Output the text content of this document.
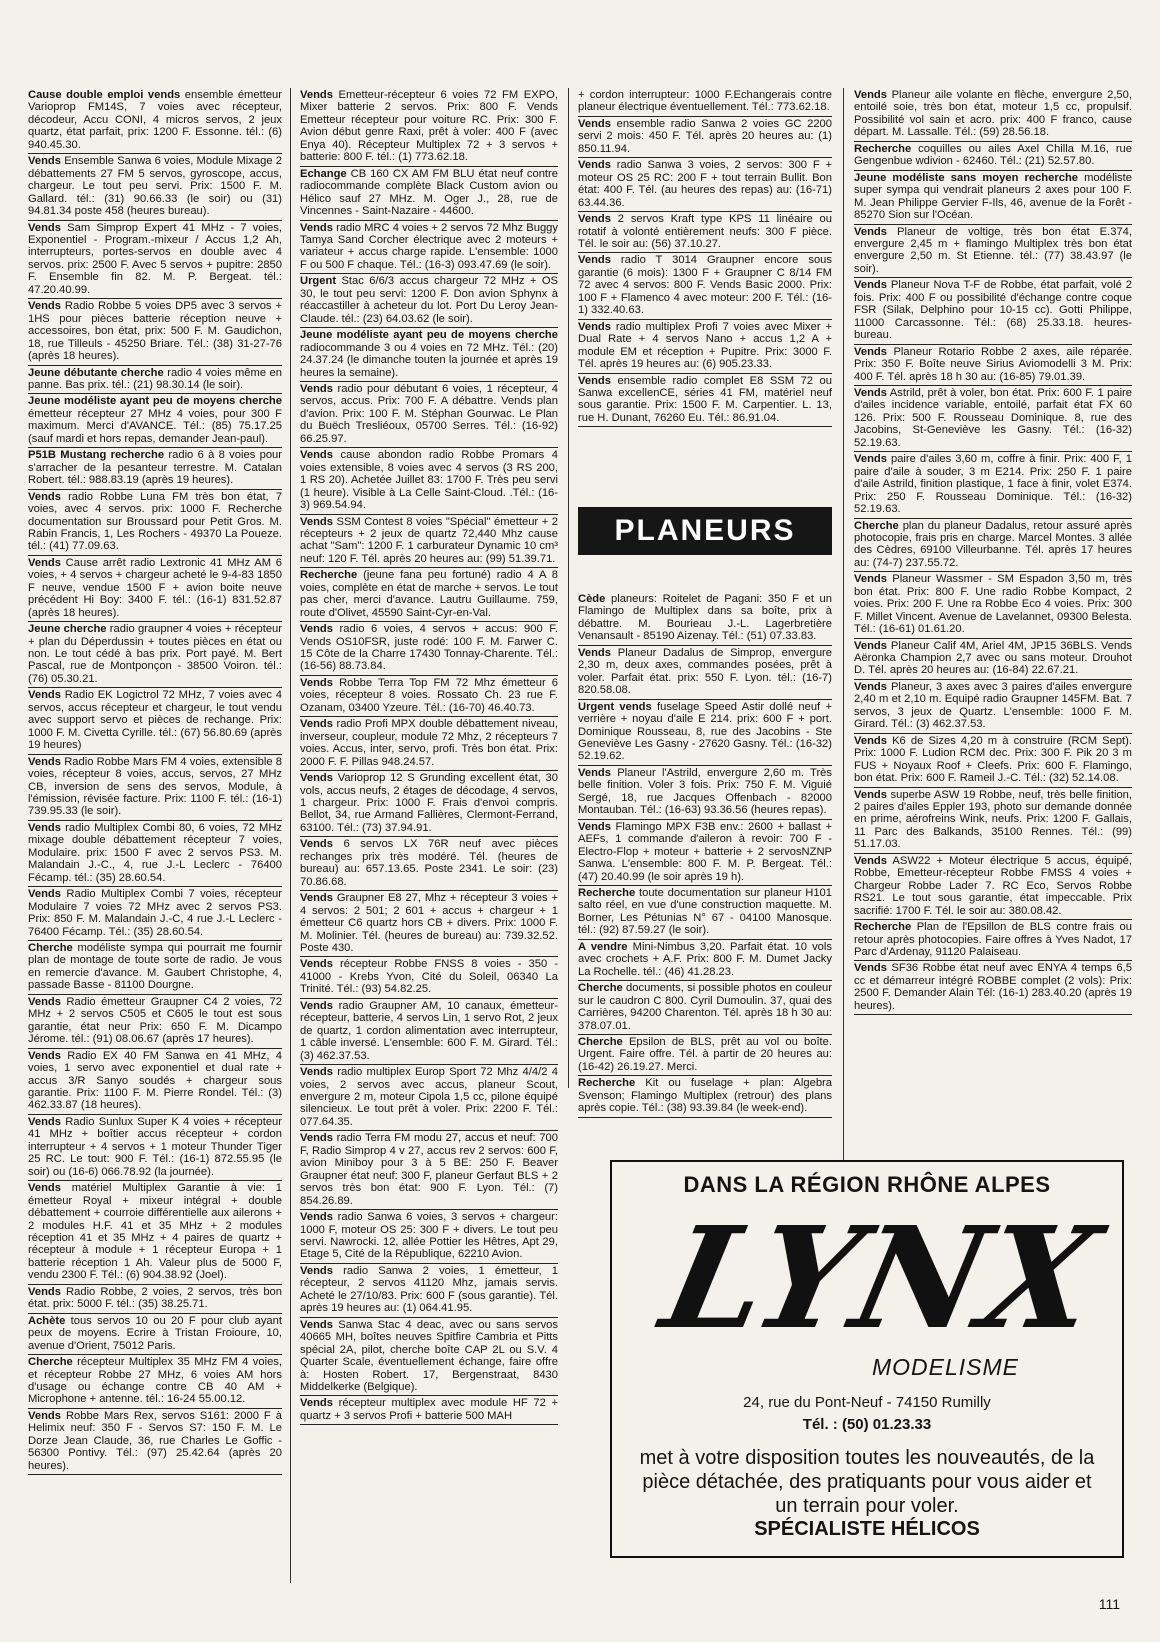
Cause double emploi vends ensemble émetteur Varioprop FM14S, 7 voies avec récepteur, décodeur, Accu CONI, 4 micros servos, 2 jeux quartz, état parfait, prix: 1200 F. Essonne. tél.: (6) 940.45.30.

Vends Ensemble Sanwa 6 voies, Module Mixage 2 débattements 27 FM 5 servos, gyroscope, accus, chargeur. Le tout peu servi. Prix: 1500 F. M. Gallard. tél.: (31) 90.66.33 (le soir) ou (31) 94.81.34 poste 458 (heures bureau).

Vends Sam Simprop Expert 41 MHz - 7 voies, Exponentiel - Program.-mixeur / Accus 1,2 Ah, interrupteurs, portes-servos en double avec 4 servos. prix: 2500 F. Avec 5 servos + pupitre: 2850 F. Ensemble fin 82. M. P. Bergeat. tél.: 47.20.40.99.

Vends Radio Robbe 5 voies DP5 avec 3 servos + 1HS pour pièces batterie réception neuve + accessoires, bon état, prix: 500 F. M. Gaudichon, 18, rue Tilleuls - 45250 Briare. Tél.: (38) 31-27-76 (après 18 heures).

Jeune débutante cherche radio 4 voies même en panne. Bas prix. tél.: (21) 98.30.14 (le soir).

Jeune modéliste ayant peu de moyens cherche émetteur récepteur 27 MHz 4 voies, pour 300 F maximum. Merci d'AVANCE. Tél.: (85) 75.17.25 (sauf mardi et hors repas, demander Jean-paul).

P51B Mustang recherche radio 6 à 8 voies pour s'arracher de la pesanteur terrestre. M. Catalan Robert. tél.: 988.83.19 (après 19 heures).

Vends radio Robbe Luna FM très bon état, 7 voies, avec 4 servos. prix: 1000 F. Recherche documentation sur Broussard pour Petit Gros. M. Rabin Francis, 1, Les Rochers - 49370 La Poueze. tél.: (41) 77.09.63.

Vends Cause arrêt radio Lextronic 41 MHz AM 6 voies, + 4 servos + chargeur acheté le 9-4-83 1850 F neuve, vendue 1500 F + avion boite neuve précédent Hi Boy: 3400 F. tél.: (16-1) 831.52.87 (après 18 heures).

Jeune cherche radio graupner 4 voies + récepteur + plan du Déperdussin + toutes pièces en état ou non. Le tout cédé à bas prix. Port payé. M. Bert Pascal, rue de Montponçon - 38500 Voiron. tél.: (76) 05.30.21.

Vends Radio EK Logictrol 72 MHz, 7 voies avec 4 servos, accus récepteur et chargeur, le tout vendu avec support servo et pièces de rechange. Prix: 1000 F. M. Civetta Cyrille. tél.: (67) 56.80.69 (après 19 heures)

Vends Radio Robbe Mars FM 4 voies, extensible 8 voies, récepteur 8 voies, accus, servos, 27 MHz CB, inversion de sens des servos, Module, à l'émission, révisée facture. Prix: 1100 F. tél.: (16-1) 739.95.33 (le soir).

Vends radio Multiplex Combi 80, 6 voies, 72 MHz mixage double débattement récepteur 7 voies, Modulaire. prix: 1500 F avec 2 servos PS3. M. Malandain J.-C., 4, rue J.-L Leclerc - 76400 Fécamp. tél.: (35) 28.60.54.

Vends Radio Multiplex Combi 7 voies, récepteur Modulaire 7 voies 72 MHz avec 2 servos PS3. Prix: 850 F. M. Malandain J.-C, 4 rue J.-L Leclerc - 76400 Fécamp. Tél.: (35) 28.60.54.

Cherche modéliste sympa qui pourrait me fournir plan de montage de toute sorte de radio. Je vous en remercie d'avance. M. Gaubert Christophe, 4, passade Basse - 81100 Dourgne.

Vends Radio émetteur Graupner C4 2 voies, 72 MHz + 2 servos C505 et C605 le tout est sous garantie, état neur Prix: 650 F. M. Dicampo Jérome. tél.: (91) 08.06.67 (après 17 heures).

Vends Radio EX 40 FM Sanwa en 41 MHz, 4 voies, 1 servo avec exponentiel et dual rate + accus 3/R Sanyo soudés + chargeur sous garantie. Prix: 1100 F. M. Pierre Rondel. Tél.: (3) 462.33.87 (18 heures).

Vends Radio Sunlux Super K 4 voies + récepteur 41 MHz + boîtier accus récepteur + cordon interrupteur + 4 servos + 1 moteur Thunder Tiger 25 RC. Le tout: 900 F. Tél.: (16-1) 872.55.95 (le soir) ou (16-6) 066.78.92 (la journée).

Vends matériel Multiplex Garantie à vie: 1 émetteur Royal + mixeur intégral + double débattement + courroie différentielle aux ailerons + 2 modules H.F. 41 et 35 MHz + 2 modules réception 41 et 35 MHz + 4 paires de quartz + récepteur à module + 1 récepteur Europa + 1 batterie réception 1 Ah. Valeur plus de 5000 F, vendu 2300 F. Tél.: (6) 904.38.92 (Joel).

Vends Radio Robbe, 2 voies, 2 servos, très bon état. prix: 5000 F. tél.: (35) 38.25.71.

Achète tous servos 10 ou 20 F pour club ayant peux de moyens. Ecrire à Tristan Froioure, 10, avenue d'Orient, 75012 Paris.

Cherche récepteur Multiplex 35 MHz FM 4 voies, et récepteur Robbe 27 MHz, 6 voies AM hors d'usage ou échange contre CB 40 AM + Microphone + antenne. tél.: 16-24 55.00.12.

Vends Robbe Mars Rex, servos S161: 2000 F à Helimix neuf: 350 F - Servos S7: 150 F. M. Le Dorze Jean Claude, 36, rue Charles Le Goffic - 56300 Pontivy. Tél.: (97) 25.42.64 (après 20 heures).

Vends Emetteur-récepteur 6 voies 72 FM EXPO, Mixer batterie 2 servos. Prix: 800 F. Vends Emetteur récepteur pour voiture RC. Prix: 300 F. Avion début genre Raxi, prêt à voler: 400 F (avec Enya 40). Récepteur Multiplex 72 + 3 servos + batterie: 800 F. tél.: (1) 773.62.18.

Echange CB 160 CX AM FM BLU état neuf contre radiocommande complète Black Custom avion ou Hélico sauf 27 MHz. M. Oger J., 28, rue de Vincennes - Saint-Nazaire - 44600.

Vends radio MRC 4 voies + 2 servos 72 Mhz Buggy Tamya Sand Corcher électrique avec 2 moteurs + variateur + accus charge rapide. L'ensemble: 1000 F ou 500 F chaque. Tél.: (16-3) 093.47.69 (le soir).

Urgent Stac 6/6/3 accus chargeur 72 MHz + OS 30, le tout peu servi: 1200 F. Don avion Sphynx à réaccastiller à acheteur du lot. Port Du Leroy Jean-Claude. tél.: (23) 64.03.62 (le soir).

Jeune modéliste ayant peu de moyens cherche radiocommande 3 ou 4 voies en 72 MHz. Tél.: (20) 24.37.24 (le dimanche touten la journée et après 19 heures la semaine).

Vends radio pour débutant 6 voies, 1 récepteur, 4 servos, accus. Prix: 700 F. A débattre. Vends plan d'avion. Prix: 100 F. M. Stéphan Gourwac. Le Plan du Buëch Tresliéoux, 05700 Serres. Tél.: (16-92) 66.25.97.

Vends cause abondon radio Robbe Promars 4 voies extensible, 8 voies avec 4 servos (3 RS 200, 1 RS 20). Achetée Juillet 83: 1700 F. Très peu servi (1 heure). Visible à La Celle Saint-Cloud. .Tél.: (16-3) 969.54.94.

Vends SSM Contest 8 voies "Spécial" émetteur + 2 récepteurs + 2 jeux de quartz 72,440 Mhz cause achat "Sam": 1200 F. 1 carburateur Dynamic 10 cm³ neuf: 120 F. Tél. après 20 heures au: (99) 51.39.71.

Recherche (jeune fana peu fortuné) radio 4 A 8 voies, complète en état de marche + servos. Le tout pas cher, merci d'avance. Lautru Guillaume. 759, route d'Olivet, 45590 Saint-Cyr-en-Val.

Vends radio 6 voies, 4 servos + accus: 900 F. Vends OS10FSR, juste rodé: 100 F. M. Farwer C. 15 Côte de la Charre 17430 Tonnay-Charente. Tél.: (16-56) 88.73.84.

Vends Robbe Terra Top FM 72 Mhz émetteur 6 voies, récepteur 8 voies. Rossato Ch. 23 rue F. Ozanam, 03400 Yzeure. Tél.: (16-70) 46.40.73.

Vends radio Profi MPX double débattement niveau, inverseur, coupleur, module 72 Mhz, 2 récepteurs 7 voies. Accus, inter, servo, profi. Très bon état. Prix: 2000 F. F. Pillas 948.24.57.

Vends Varioprop 12 S Grunding excellent état, 30 vols, accus neufs, 2 étages de décodage, 4 servos, 1 chargeur. Prix: 1000 F. Frais d'envoi compris. Bellot, 34, rue Armand Fallières, Clermont-Ferrand, 63100. Tél.: (73) 37.94.91.

Vends 6 servos LX 76R neuf avec pièces rechanges prix très modéré. Tél. (heures de bureau) au: 657.13.65. Poste 2341. Le soir: (23) 70.86.68.

Vends Graupner E8 27, Mhz + récepteur 3 voies + 4 servos: 2 501; 2 601 + accus + chargeur + 1 émetteur C6 quartz hors CB + divers. Prix: 1000 F. M. Molinier. Tél. (heures de bureau) au: 739.32.52. Poste 430.

Vends récepteur Robbe FNSS 8 voies - 350 - 41000 - Krebs Yvon, Cité du Soleil, 06340 La Trinité. Tél.: (93) 54.82.25.

Vends radio Graupner AM, 10 canaux, émetteur-récepteur, batterie, 4 servos Lin, 1 servo Rot, 2 jeux de quartz, 1 cordon alimentation avec interrupteur, 1 câble inversé. L'ensemble: 600 F. M. Girard. Tél.: (3) 462.37.53.

Vends radio multiplex Europ Sport 72 Mhz 4/4/2 4 voies, 2 servos avec accus, planeur Scout, envergure 2 m, moteur Cipola 1,5 cc, pilone équipé silencieux. Le tout prêt à voler. Prix: 2200 F. Tél.: 077.64.35.

Vends radio Terra FM modu 27, accus et neuf: 700 F, Radio Simprop 4 v 27, accus rev 2 servos: 600 F, avion Miniboy pour 3 à 5 BE: 250 F. Beaver Graupner état neuf: 300 F, planeur Gerfaut BLS + 2 servos très bon état: 900 F. Lyon. Tél.: (7) 854.26.89.

Vends radio Sanwa 6 voies, 3 servos + chargeur: 1000 F, moteur OS 25: 300 F + divers. Le tout peu servi. Nawrocki. 12, allée Pottier les Hêtres, Apt 29, Etage 5, Cité de la République, 62210 Avion.

Vends radio Sanwa 2 voies, 1 émetteur, 1 récepteur, 2 servos 41120 Mhz, jamais servis. Acheté le 27/10/83. Prix: 600 F (sous garantie). Tél. après 19 heures au: (1) 064.41.95.

Vends Sanwa Stac 4 deac, avec ou sans servos 40665 MH, boîtes neuves Spitfire Cambria et Pitts spécial 2A, pilot, cherche boîte CAP 2L ou S.V. 4 Quarter Scale, éventuellement échange, faire offre à: Hosten Robert. 17, Bergenstraat, 8430 Middelkerke (Belgique).

Vends récepteur multiplex avec module HF 72 + quartz + 3 servos Profi + batterie 500 MAH

+ cordon interrupteur: 1000 F.Echangerais contre planeur électrique éventuellement. Tél.: 773.62.18.

Vends ensemble radio Sanwa 2 voies GC 2200 servi 2 mois: 450 F. Tél. après 20 heures au: (1) 850.11.94.

Vends radio Sanwa 3 voies, 2 servos: 300 F + moteur OS 25 RC: 200 F + tout terrain Bullit. Bon état: 400 F. Tél. (au heures des repas) au: (16-71) 63.44.36.

Vends 2 servos Kraft type KPS 11 linéaire ou rotatif à volonté entièrement neufs: 300 F pièce. Tél. le soir au: (56) 37.10.27.

Vends radio T 3014 Graupner encore sous garantie (6 mois): 1300 F + Graupner C 8/14 FM 72 avec 4 servos: 800 F. Vends Basic 2000. Prix: 100 F + Flamenco 4 avec moteur: 200 F. Tél.: (16-1) 332.40.63.

Vends radio multiplex Profi 7 voies avec Mixer + Dual Rate + 4 servos Nano + accus 1,2 A + module EM et réception + Pupitre. Prix: 3000 F. Tél. après 19 heures au: (6) 905.23.33.

Vends ensemble radio complet E8 SSM 72 ou Sanwa excellenCE, séries 41 FM, matériel neuf sous garantie. Prix: 1500 F. M. Carpentier. L. 13, rue H. Dunant, 76260 Eu. Tél.: 86.91.04.

PLANEURS

Cède planeurs: Roitelet de Pagani: 350 F et un Flamingo de Multiplex dans sa boîte, prix à débattre. M. Bourieau J.-L. Lagerbretière Venansault - 85190 Aizenay. Tél.: (51) 07.33.83.

Vends Planeur Dadalus de Simprop, envergure 2,30 m, deux axes, commandes posées, prêt à voler. Parfait état. prix: 550 F. Lyon. tél.: (16-7) 820.58.08.

Urgent vends fuselage Speed Astir dollé neuf + verrière + noyau d'aile E 214. prix: 600 F + port. Dominique Rousseau, 8, rue des Jacobins - Ste Geneviève Les Gasny - 27620 Gasny. Tél.: (16-32) 52.19.62.

Vends Planeur l'Astrild, envergure 2,60 m. Très belle finition. Voler 3 fois. Prix: 750 F. M. Viguié Sergé, 18, rue Jacques Offenbach - 82000 Montauban. Tél.: (16-63) 93.36.56 (heures repas).

Vends Flamingo MPX F3B env.: 2600 + ballast + AEFs, 1 commande d'aileron à revoir: 700 F - Electro-Flop + moteur + batterie + 2 servosNZNP Sanwa. L'ensemble: 800 F. M. P. Bergeat. Tél.: (47) 20.40.99 (le soir après 19 h).

Recherche toute documentation sur planeur H101 salto réel, en vue d'une construction maquette. M. Borner, Les Pétunias N° 67 - 04100 Manosque. tél.: (92) 87.59.27 (le soir).

A vendre Mini-Nimbus 3,20. Parfait état. 10 vols avec crochets + A.F. Prix: 800 F. M. Dumet Jacky La Rochelle. tél.: (46) 41.28.23.

Cherche documents, si possible photos en couleur sur le caudron C 800. Cyril Dumoulin. 37, quai des Carrières, 94200 Charenton. Tél. après 18 h 30 au: 378.07.01.

Cherche Epsilon de BLS, prêt au vol ou boîte. Urgent. Faire offre. Tél. à partir de 20 heures au: (16-42) 26.19.27. Merci.

Recherche Kit ou fuselage + plan: Algebra Svenson; Flamingo Multiplex (retrour) des plans après copie. Tél.: (38) 93.39.84 (le week-end).

Vends Planeur aile volante en flèche, envergure 2,50, entoilé soie, très bon état, moteur 1,5 cc, propulsif. Possibilité vol sain et acro. prix: 400 F franco, cause départ. M. Lassalle. Tél.: (59) 28.56.18.

Recherche coquilles ou ailes Axel Chilla M.16, rue Gengenbue wdivion - 62460. Tél.: (21) 52.57.80.

Jeune modéliste sans moyen recherche modéliste super sympa qui vendrait planeurs 2 axes pour 100 F. M. Jean Philippe Gervier F-Ils, 46, avenue de la Forêt - 85270 Sion sur l'Océan.

Vends Planeur de voltige, très bon état E.374, envergure 2,45 m + flamingo Multiplex très bon état envergure 2,50 m. St Etienne. tél.: (77) 38.43.97 (le soir).

Vends Planeur Nova T-F de Robbe, état parfait, volé 2 fois. Prix: 400 F ou possibilité d'échange contre coque FSR (Silak, Delphino pour 10-15 cc). Gotti Philippe, 11000 Carcassonne. Tél.: (68) 25.33.18. heures-bureau.

Vends Planeur Rotario Robbe 2 axes, aile réparée. Prix: 350 F. Boîte neuve Sirius Aviomodelli 3 M. Prix: 400 F. Tél. après 18 h 30 au: (16-85) 79.01.39.

Vends Astrild, prêt à voler, bon état. Prix: 600 F. 1 paire d'ailes incidence variable, entoilé, parfait état FX 60 126. Prix: 500 F. Rousseau Dominique. 8, rue des Jacobins, St-Geneviève les Gasny. Tél.: (16-32) 52.19.63.

Vends paire d'ailes 3,60 m, coffre à finir. Prix: 400 F, 1 paire d'aile à souder, 3 m E214. Prix: 250 F. 1 paire d'aile Astrild, finition plastique, 1 face à finir, volet E374. Prix: 250 F. Rousseau Dominique. Tél.: (16-32) 52.19.63.

Cherche plan du planeur Dadalus, retour assuré après photocopie, frais pris en charge. Marcel Montes. 3 allée des Cèdres, 69100 Villeurbanne. Tél. après 17 heures au: (74-7) 237.55.72.

Vends Planeur Wassmer - SM Espadon 3,50 m, très bon état. Prix: 800 F. Une radio Robbe Kompact, 2 voies. Prix: 200 F. Une ra Robbe Eco 4 voies. Prix: 300 F. Millet Vincent. Avenue de Lavelannet, 09300 Belesta. Tél.: (16-61) 01.61.20.

Vends Planeur Calif 4M, Ariel 4M, JP15 36BLS. Vends Aëronka Champion 2,7 avec ou sans moteur. Drouhot D. Tél. après 20 heures au: (16-84) 22.67.21.

Vends Planeur, 3 axes avec 3 paires d'ailes envergure 2,40 m et 2,10 m. Equipé radio Graupner 145FM. Bat. 7 servos, 3 jeux de Quartz. L'ensemble: 1000 F. M. Girard. Tél.: (3) 462.37.53.

Vends K6 de Sizes 4,20 m à construire (RCM Sept). Prix: 1000 F. Ludion RCM dec. Prix: 300 F. Pik 20 3 m FUS + Noyaux Roof + Cleefs. Prix: 600 F. Flamingo, bon état. Prix: 600 F. Rameil J.-C. Tél.: (32) 52.14.08.

Vends superbe ASW 19 Robbe, neuf, très belle finition, 2 paires d'ailes Eppler 193, photo sur demande donnée en prime, aérofreins Wink, neufs. Prix: 1200 F. Gallais, 11 Parc des Balkands, 35100 Rennes. Tél.: (99) 51.17.03.

Vends ASW22 + Moteur électrique 5 accus, équipé, Robbe, Emetteur-récepteur Robbe FMSS 4 voies + Chargeur Robbe Lader 7. RC Eco, Servos Robbe RS21. Le tout sous garantie, état impeccable. Prix sacrifié: 1700 F. Tél. le soir au: 380.08.42.

Recherche Plan de l'Epsillon de BLS contre frais ou retour après photocopies. Faire offres à Yves Nadot, 17 Parc d'Ardenay, 91120 Palaiseau.

Vends SF36 Robbe état neuf avec ENYA 4 temps 6,5 cc et démarreur intégré ROBBE complet (2 vols): Prix: 2500 F. Demander Alain Tél: (16-1) 283.40.20 (après 19 heures).

DANS LA RÉGION RHÔNE ALPES
LYNX
MODELISME
24, rue du Pont-Neuf - 74150 Rumilly
Tél. : (50) 01.23.33
met à votre disposition toutes les nouveautés, de la pièce détachée, des pratiquants pour vous aider et un terrain pour voler.
SPÉCIALISTE HÉLICOS
111
